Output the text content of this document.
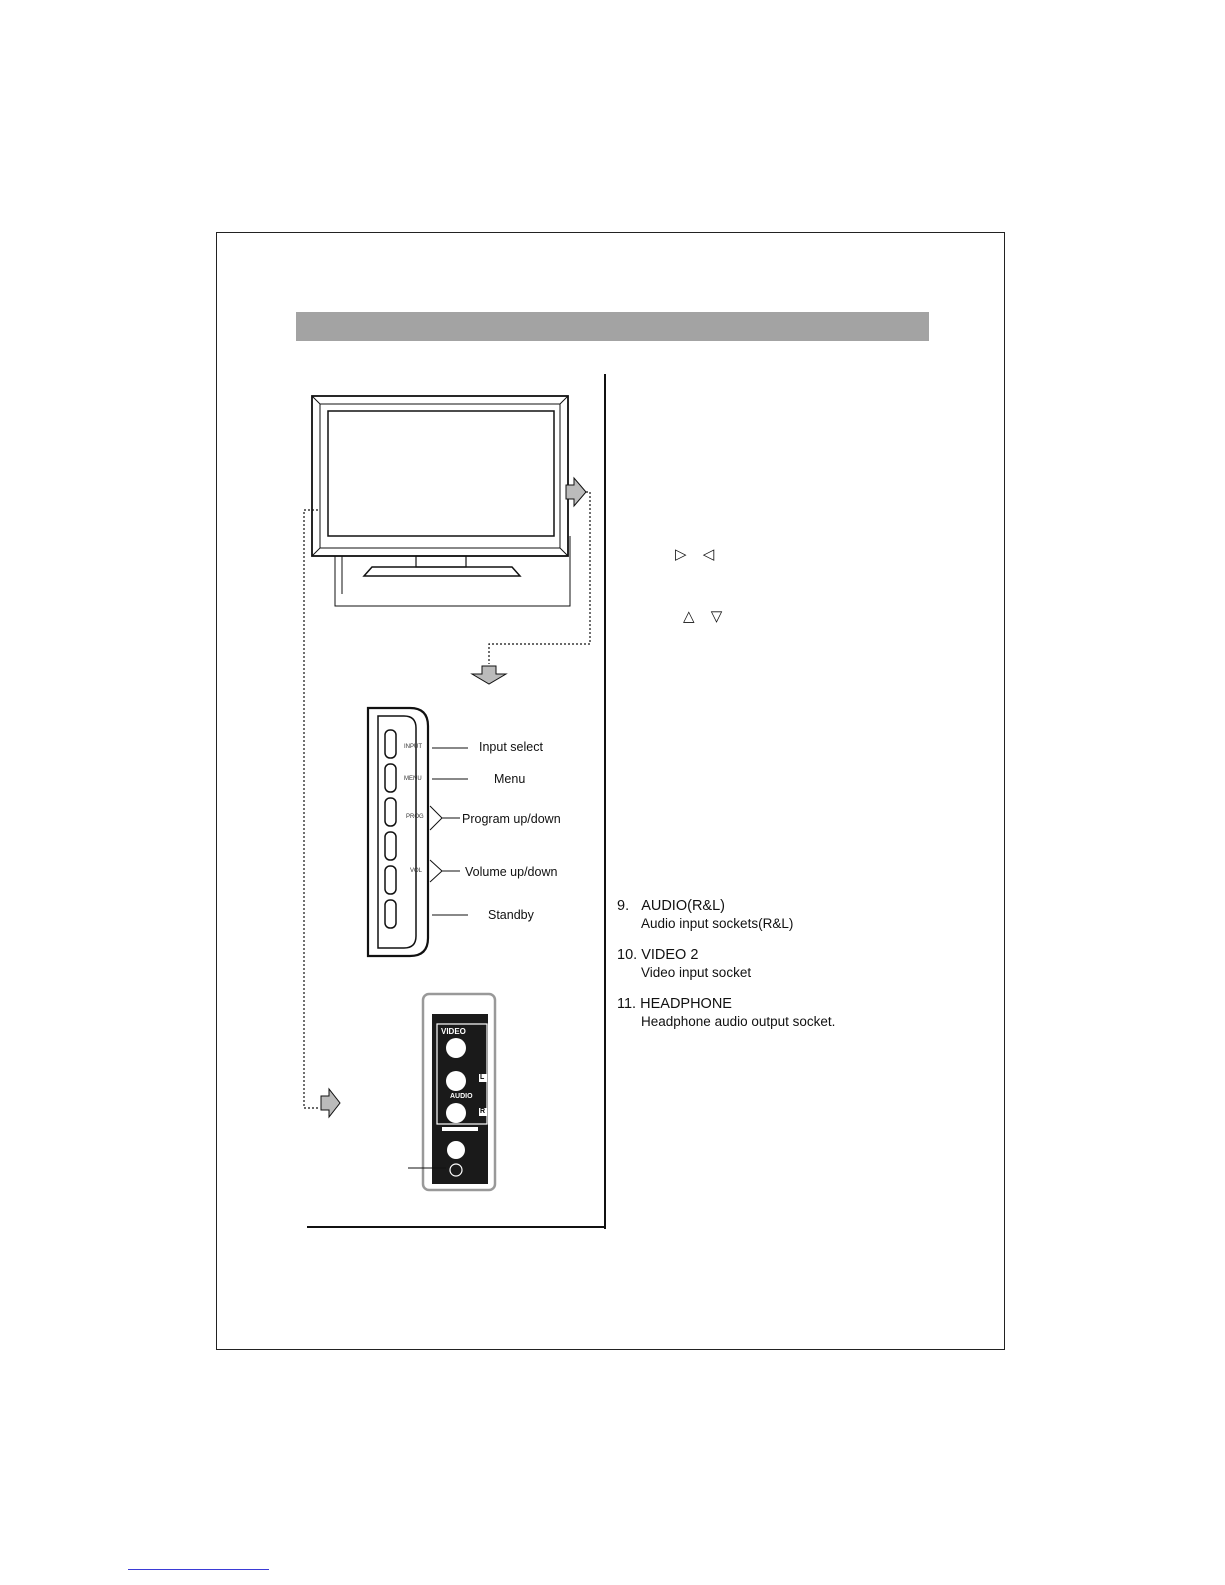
INPUT
MENU
PROG
VOL
Input select
Menu
Program up/down
Volume up/down
Standby
VIDEO
AUDIO
L
R
▷ ◁
△ ▽
9. AUDIO(R&L)
Audio input sockets(R&L)
10. VIDEO 2
Video input socket
11. HEADPHONE
Headphone audio output socket.
